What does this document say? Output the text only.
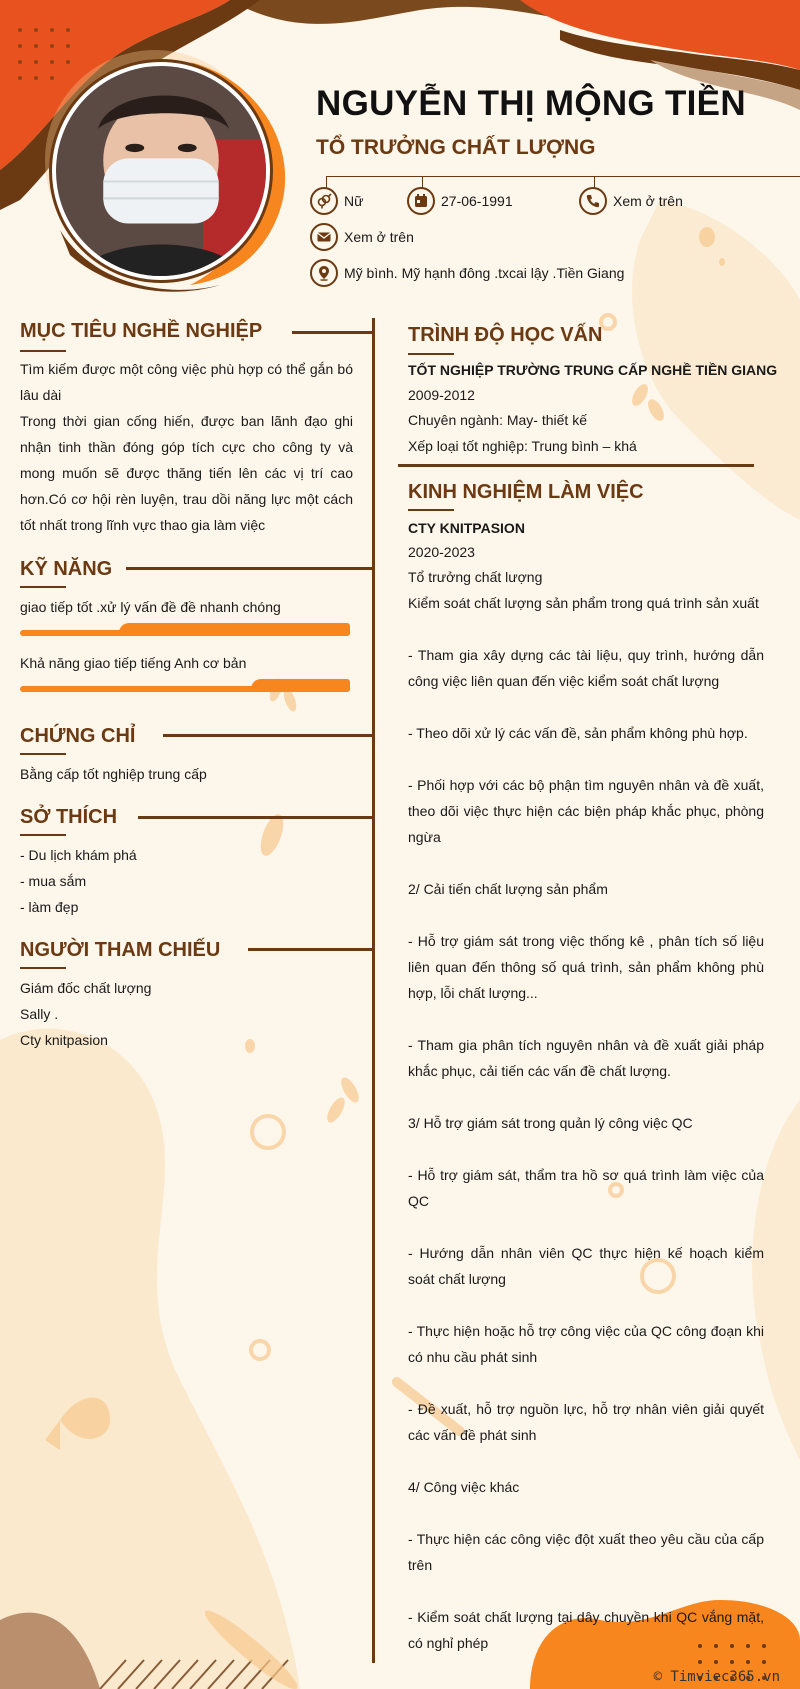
NGUYỄN THỊ MỘNG TIỀN
TỔ TRƯỞNG CHẤT LƯỢNG
Nữ	27-06-1991	Xem ở trên
Xem ở trên
Mỹ bình. Mỹ hạnh đông .txcai lậy .Tiền Giang
MỤC TIÊU NGHỀ NGHIỆP
Tìm kiếm được một công việc phù hợp có thể gắn bó lâu dài
Trong thời gian cống hiến, được ban lãnh đạo ghi nhận tinh thần đóng góp tích cực cho công ty và mong muốn sẽ được thăng tiến lên các vị trí cao hơn.Có cơ hội rèn luyện, trau dồi năng lực một cách tốt nhất trong lĩnh vực thao gia làm việc
KỸ NĂNG
giao tiếp tốt .xử lý vấn đề đề nhanh chóng
Khả năng giao tiếp tiếng Anh cơ bản
CHỨNG CHỈ
Bằng cấp tốt nghiệp trung cấp
SỞ THÍCH
- Du lịch khám phá
- mua sắm
- làm đẹp
NGƯỜI THAM CHIẾU
Giám đốc chất lượng
Sally .
Cty knitpasion
TRÌNH ĐỘ HỌC VẤN
TỐT NGHIỆP TRƯỜNG TRUNG CẤP NGHỀ TIỀN GIANG
2009-2012
Chuyên ngành: May- thiết kế
Xếp loại tốt nghiệp: Trung bình – khá
KINH NGHIỆM LÀM VIỆC
CTY KNITPASION
2020-2023
Tổ trưởng chất lượng
Kiểm soát chất lượng sản phẩm trong quá trình sản xuất
- Tham gia xây dựng các tài liệu, quy trình, hướng dẫn công việc liên quan đến việc kiểm soát chất lượng
- Theo dõi xử lý các vấn đề, sản phẩm không phù hợp.
- Phối hợp với các bộ phận tìm nguyên nhân và đề xuất, theo dõi việc thực hiện các biện pháp khắc phục, phòng ngừa
2/ Cải tiến chất lượng sản phẩm
- Hỗ trợ giám sát trong việc thống kê , phân tích số liệu liên quan đến thông số quá trình, sản phẩm không phù hợp, lỗi chất lượng...
- Tham gia phân tích nguyên nhân và đề xuất giải pháp khắc phục, cải tiến các vấn đề chất lượng.
3/ Hỗ trợ giám sát trong quản lý công việc QC
- Hỗ trợ giám sát, thẩm tra hồ sơ quá trình làm việc của QC
- Hướng dẫn nhân viên QC thực hiện kế hoạch kiểm soát chất lượng
- Thực hiện hoặc hỗ trợ công việc của QC công đoạn khi có nhu cầu phát sinh
- Đề xuất, hỗ trợ nguồn lực, hỗ trợ nhân viên giải quyết các vấn đề phát sinh
4/ Công việc khác
- Thực hiện các công việc đột xuất theo yêu cầu của cấp trên
- Kiểm soát chất lượng tại dây chuyền khi QC vắng mặt, có nghỉ phép
© Timviec365.vn
